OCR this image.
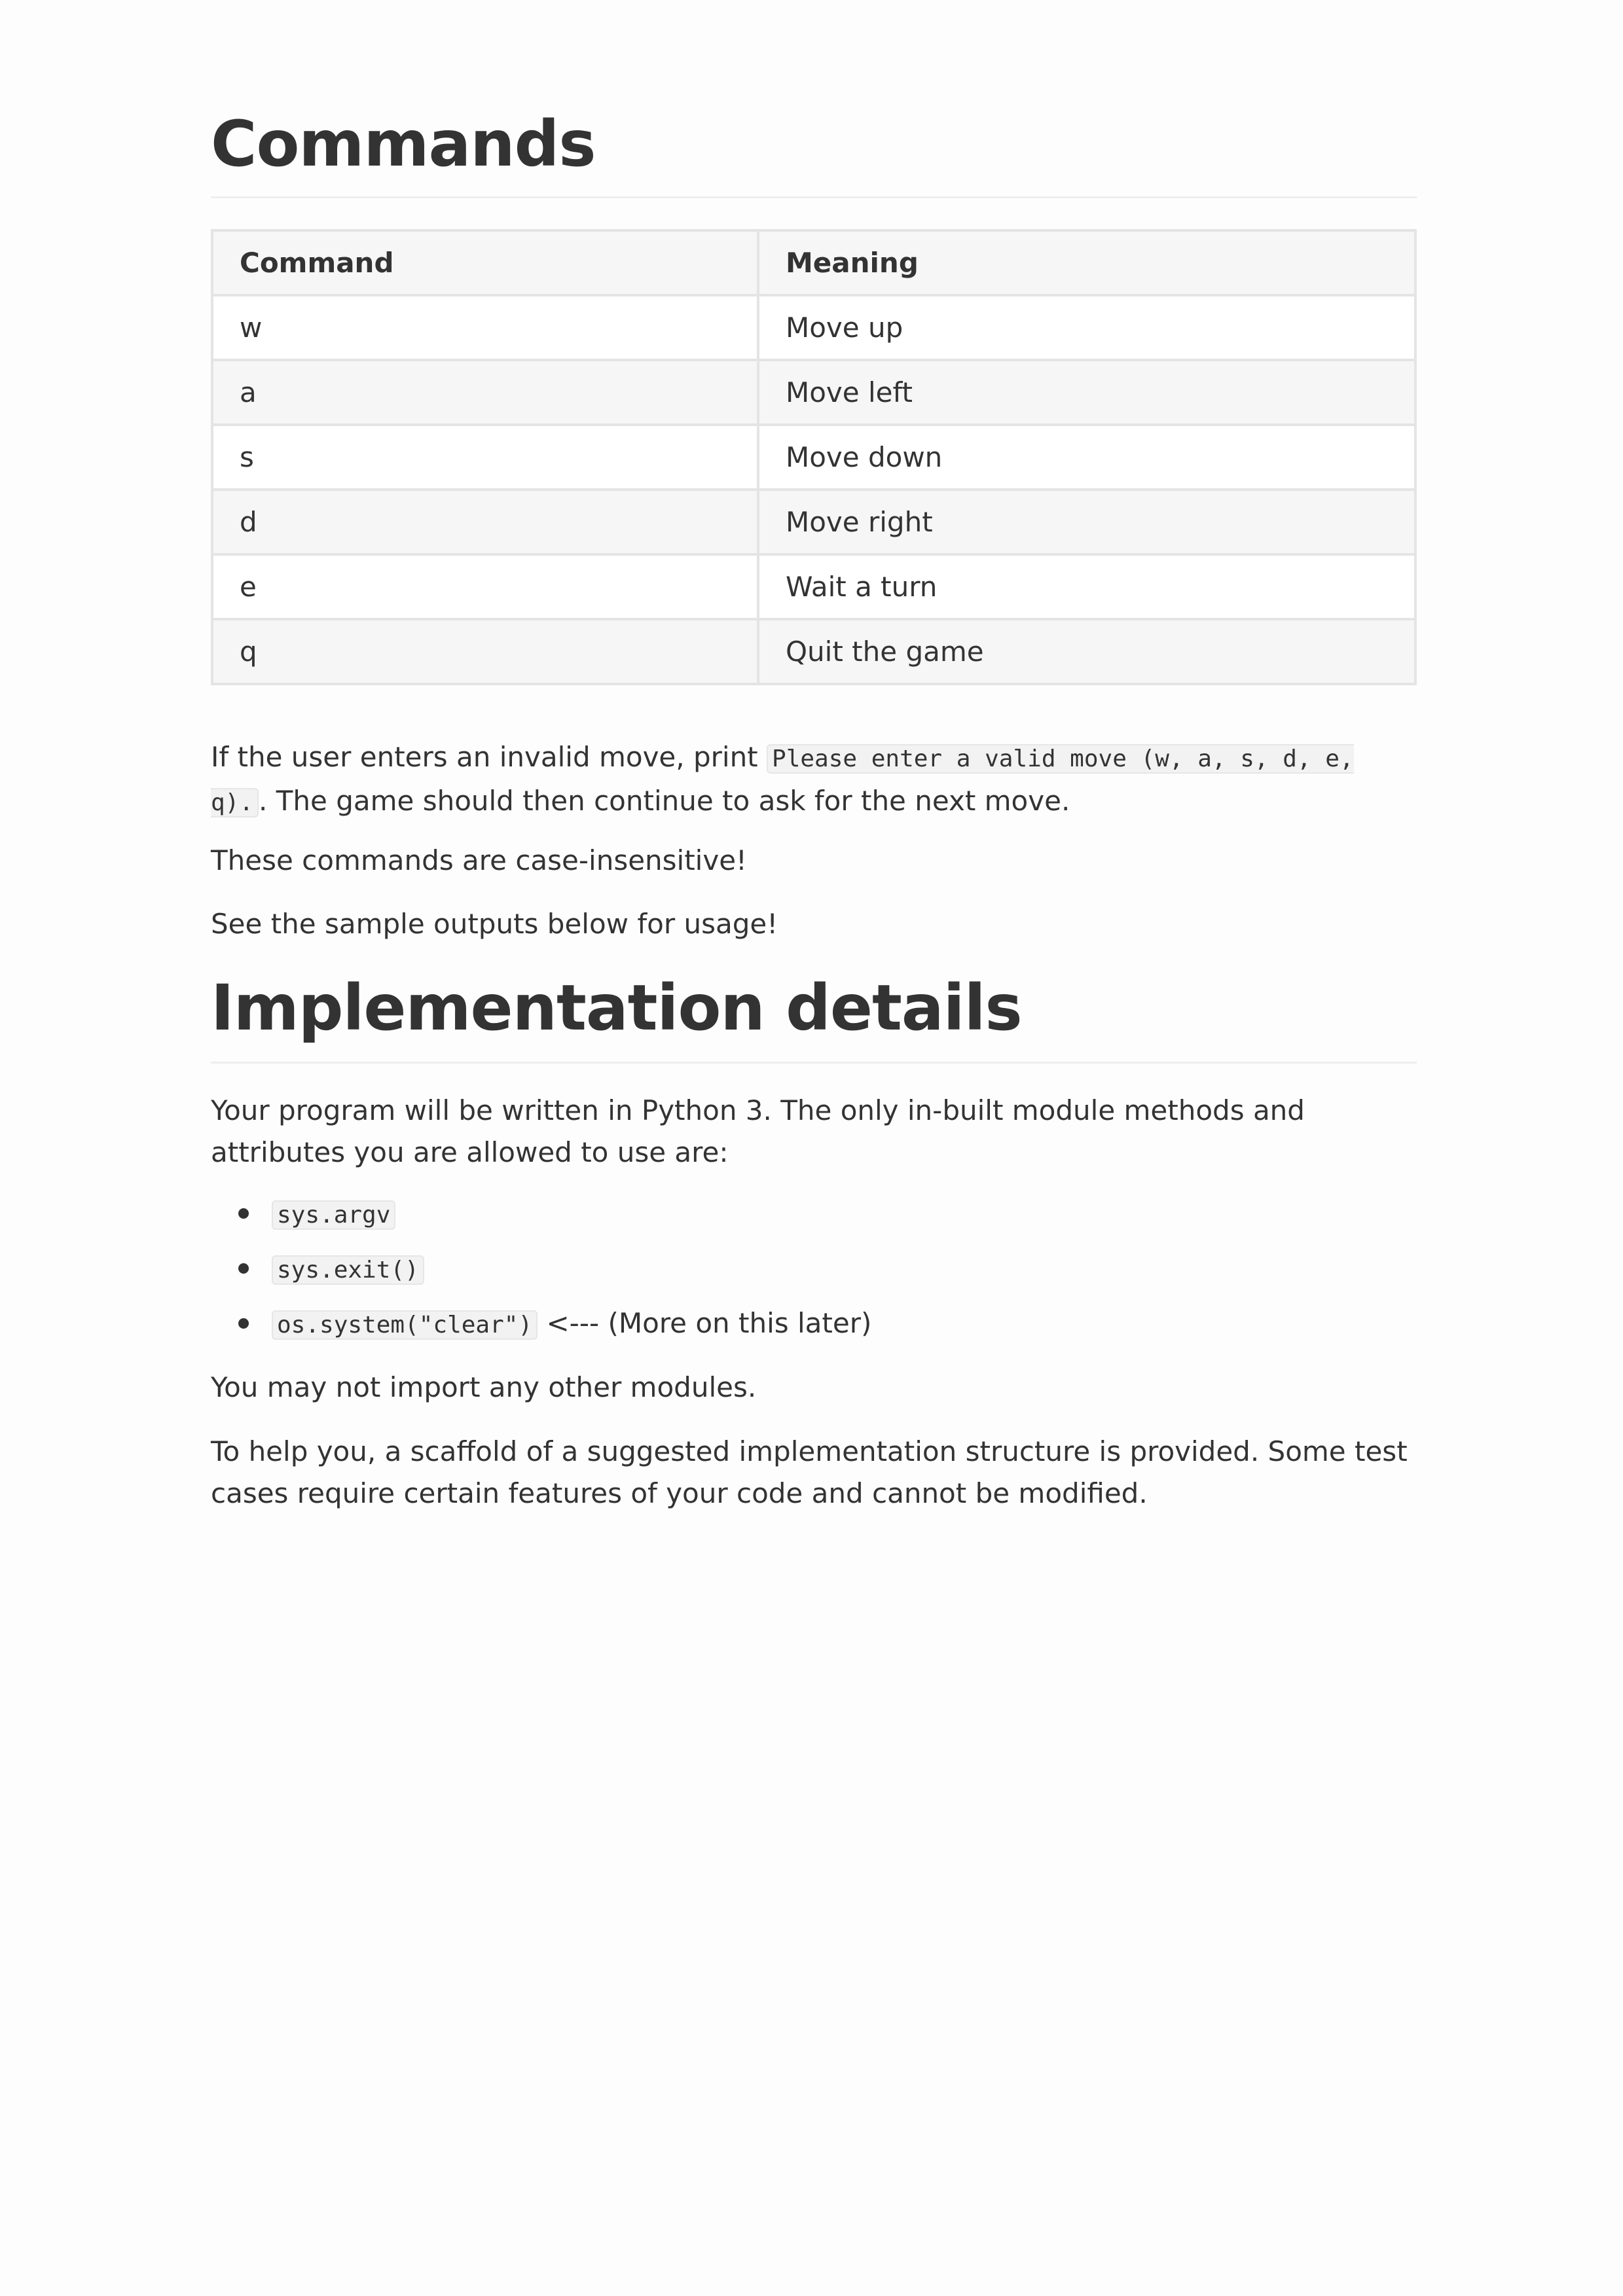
Commands
Command	Meaning
w	Move up
a	Move left
s	Move down
d	Move right
e	Wait a turn
q	Quit the game

If the user enters an invalid move, print Please enter a valid move (w, a, s, d, e, q). . The game should then continue to ask for the next move.

These commands are case-insensitive!

See the sample outputs below for usage!

Implementation details

Your program will be written in Python 3. The only in-built module methods and attributes you are allowed to use are:

sys.argv
sys.exit()
os.system("clear") <--- (More on this later)

You may not import any other modules.

To help you, a scaffold of a suggested implementation structure is provided. Some test cases require certain features of your code and cannot be modified.
